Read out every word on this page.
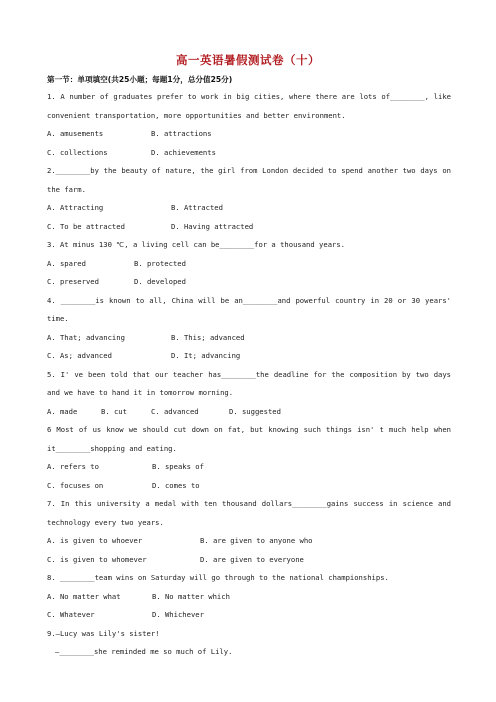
高一英语暑假测试卷（十）
第一节：单项填空(共25小题；每题1分，总分值25分)
1. A number of graduates prefer to work in big cities, where there are lots of________, like convenient transportation, more opportunities and better environment.
A. amusements	B. attractions
C. collections	D. achievements
2.________by the beauty of nature, the girl from London decided to spend another two days on the farm.
A. Attracting	B. Attracted
C. To be attracted	D. Having attracted
3. At minus 130 ℃, a living cell can be________for a thousand years.
A. spared	B. protected
C. preserved	D. developed
4. ________is known to all, China will be an________and powerful country in 20 or 30 years' time.
A. That; advancing	B. This; advanced
C. As; advanced	D. It; advancing
5. I' ve been told that our teacher has________the deadline for the composition by two days and we have to hand it in tomorrow morning.
A. made	B. cut	C. advanced	D. suggested
6 Most of us know we should cut down on fat, but knowing such things isn' t much help when it________shopping and eating.
A. refers to	B. speaks of
C. focuses on	D. comes to
7. In this university a medal with ten thousand dollars________gains success in science and technology every two years.
A. is given to whoever	B. are given to anyone who
C. is given to whomever	D. are given to everyone
8. ________team wins on Saturday will go through to the national championships.
A. No matter what	B. No matter which
C. Whatever	D. Whichever
9.—Lucy was Lily's sister!
—________she reminded me so much of Lily.
